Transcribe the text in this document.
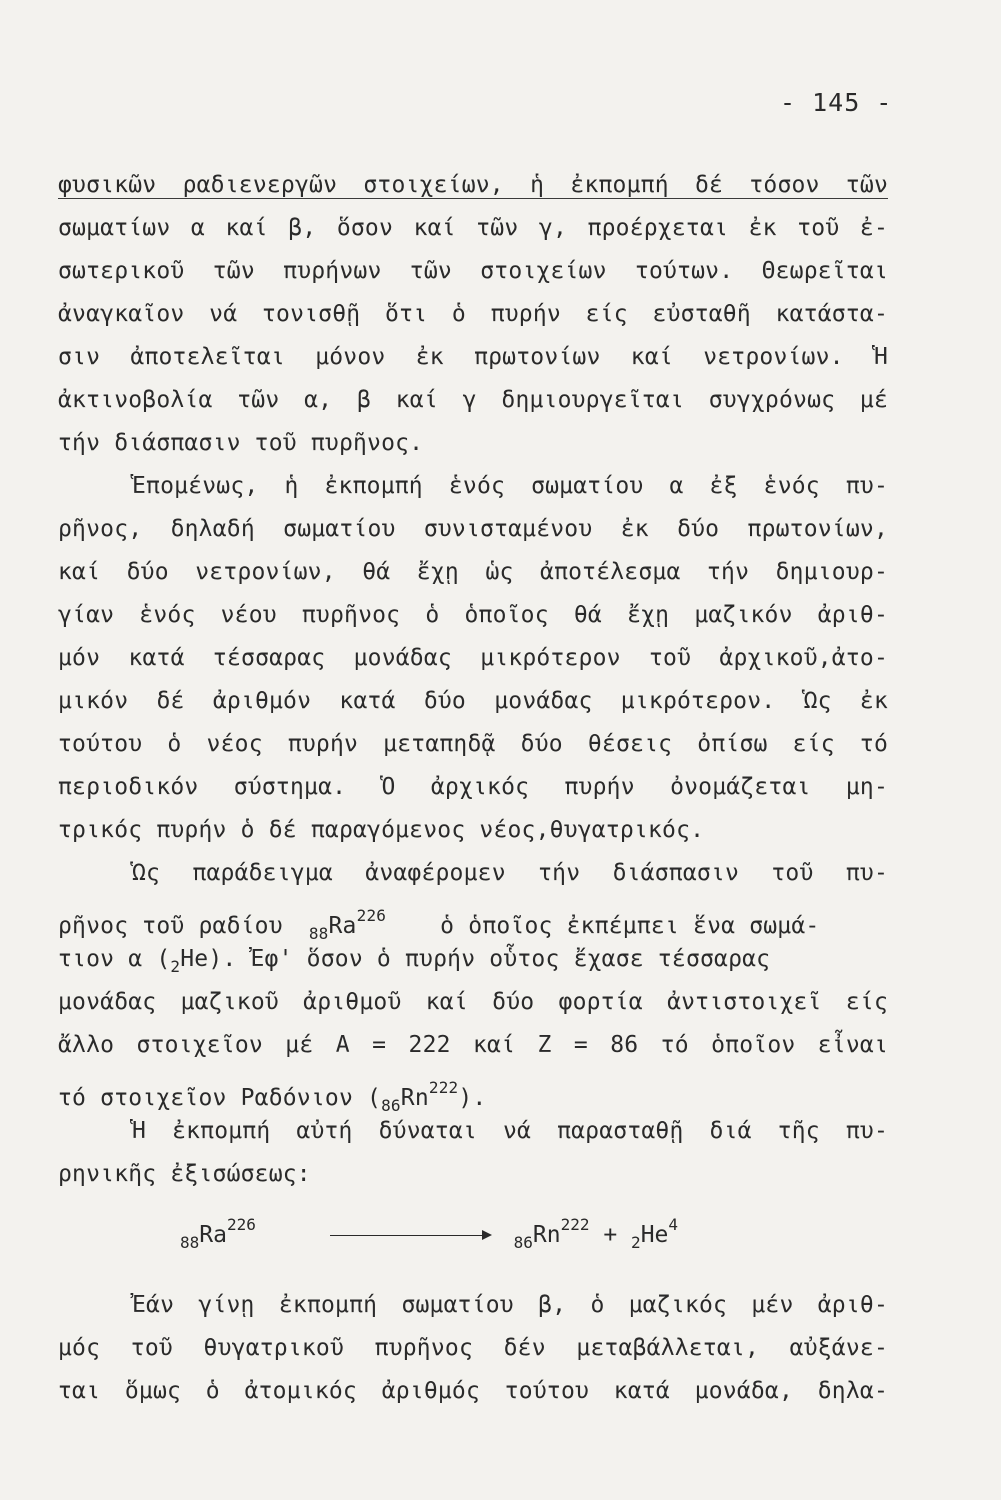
- 145 -
φυσικῶν ραδιενεργῶν στοιχείων, ἡ ἐκπομπή δέ τόσον τῶν
σωματίων α καί β, ὅσον καί τῶν γ, προέρχεται ἐκ τοῦ ἐ-
σωτερικοῦ τῶν πυρήνων τῶν στοιχείων τούτων. Θεωρεῖται
ἀναγκαῖον νά τονισθῇ ὅτι ὁ πυρήν είς εὐσταθῆ κατάστα-
σιν ἀποτελεῖται μόνον ἐκ πρωτονίων καί νετρονίων. Ἡ
ἀκτινοβολία τῶν α, β καί γ δημιουργεῖται συγχρόνως μέ
τήν διάσπασιν τοῦ πυρῆνος.
Ἑπομένως, ἡ ἐκπομπή ἑνός σωματίου α ἐξ ἑνός πυ-
ρῆνος, δηλαδή σωματίου συνισταμένου ἐκ δύο πρωτονίων,
καί δύο νετρονίων, θά ἔχῃ ὡς ἀποτέλεσμα τήν δημιουρ-
γίαν ἑνός νέου πυρῆνος ὁ ὁποῖος θά ἔχῃ μαζικόν ἀριθ-
μόν κατά τέσσαρας μονάδας μικρότερον τοῦ ἀρχικοῦ,ἀτο-
μικόν δέ ἀριθμόν κατά δύο μονάδας μικρότερον. Ὡς ἐκ
τούτου ὁ νέος πυρήν μεταπηδᾷ δύο θέσεις ὀπίσω είς τό
περιοδικόν σύστημα. Ὁ ἀρχικός πυρήν ὀνομάζεται μη-
τρικός πυρήν ὁ δέ παραγόμενος νέος,θυγατρικός.
Ὡς παράδειγμα ἀναφέρομεν τήν διάσπασιν τοῦ πυ-
ρῆνος τοῦ ραδίου $_{88}Ra^{226}$ ὁ ὁποῖος ἐκπέμπει ἕνα σωμά-
τιον α $(_2He)$. Ἐφ' ὅσον ὁ πυρήν οὗτος ἔχασε τέσσαρας
μονάδας μαζικοῦ ἀριθμοῦ καί δύο φορτία ἀντιστοιχεῖ είς
ἄλλο στοιχεῖον μέ Α = 222 καί Ζ = 86 τό ὁποῖον εἶναι
τό στοιχεῖον Ραδόνιον $(_{86}Rn^{222})$.
Ἡ ἐκπομπή αὐτή δύναται νά παρασταθῇ διά τῆς πυ-
ρηνικῆς ἐξισώσεως:
$_{88}Ra^{226}$  $_{86}Rn^{222} + _2He^4$
Ἐάν γίνῃ ἐκπομπή σωματίου β, ὁ μαζικός μέν ἀριθ-
μός τοῦ θυγατρικοῦ πυρῆνος δέν μεταβάλλεται, αὐξάνε-
ται ὅμως ὁ ἀτομικός ἀριθμός τούτου κατά μονάδα, δηλα-
